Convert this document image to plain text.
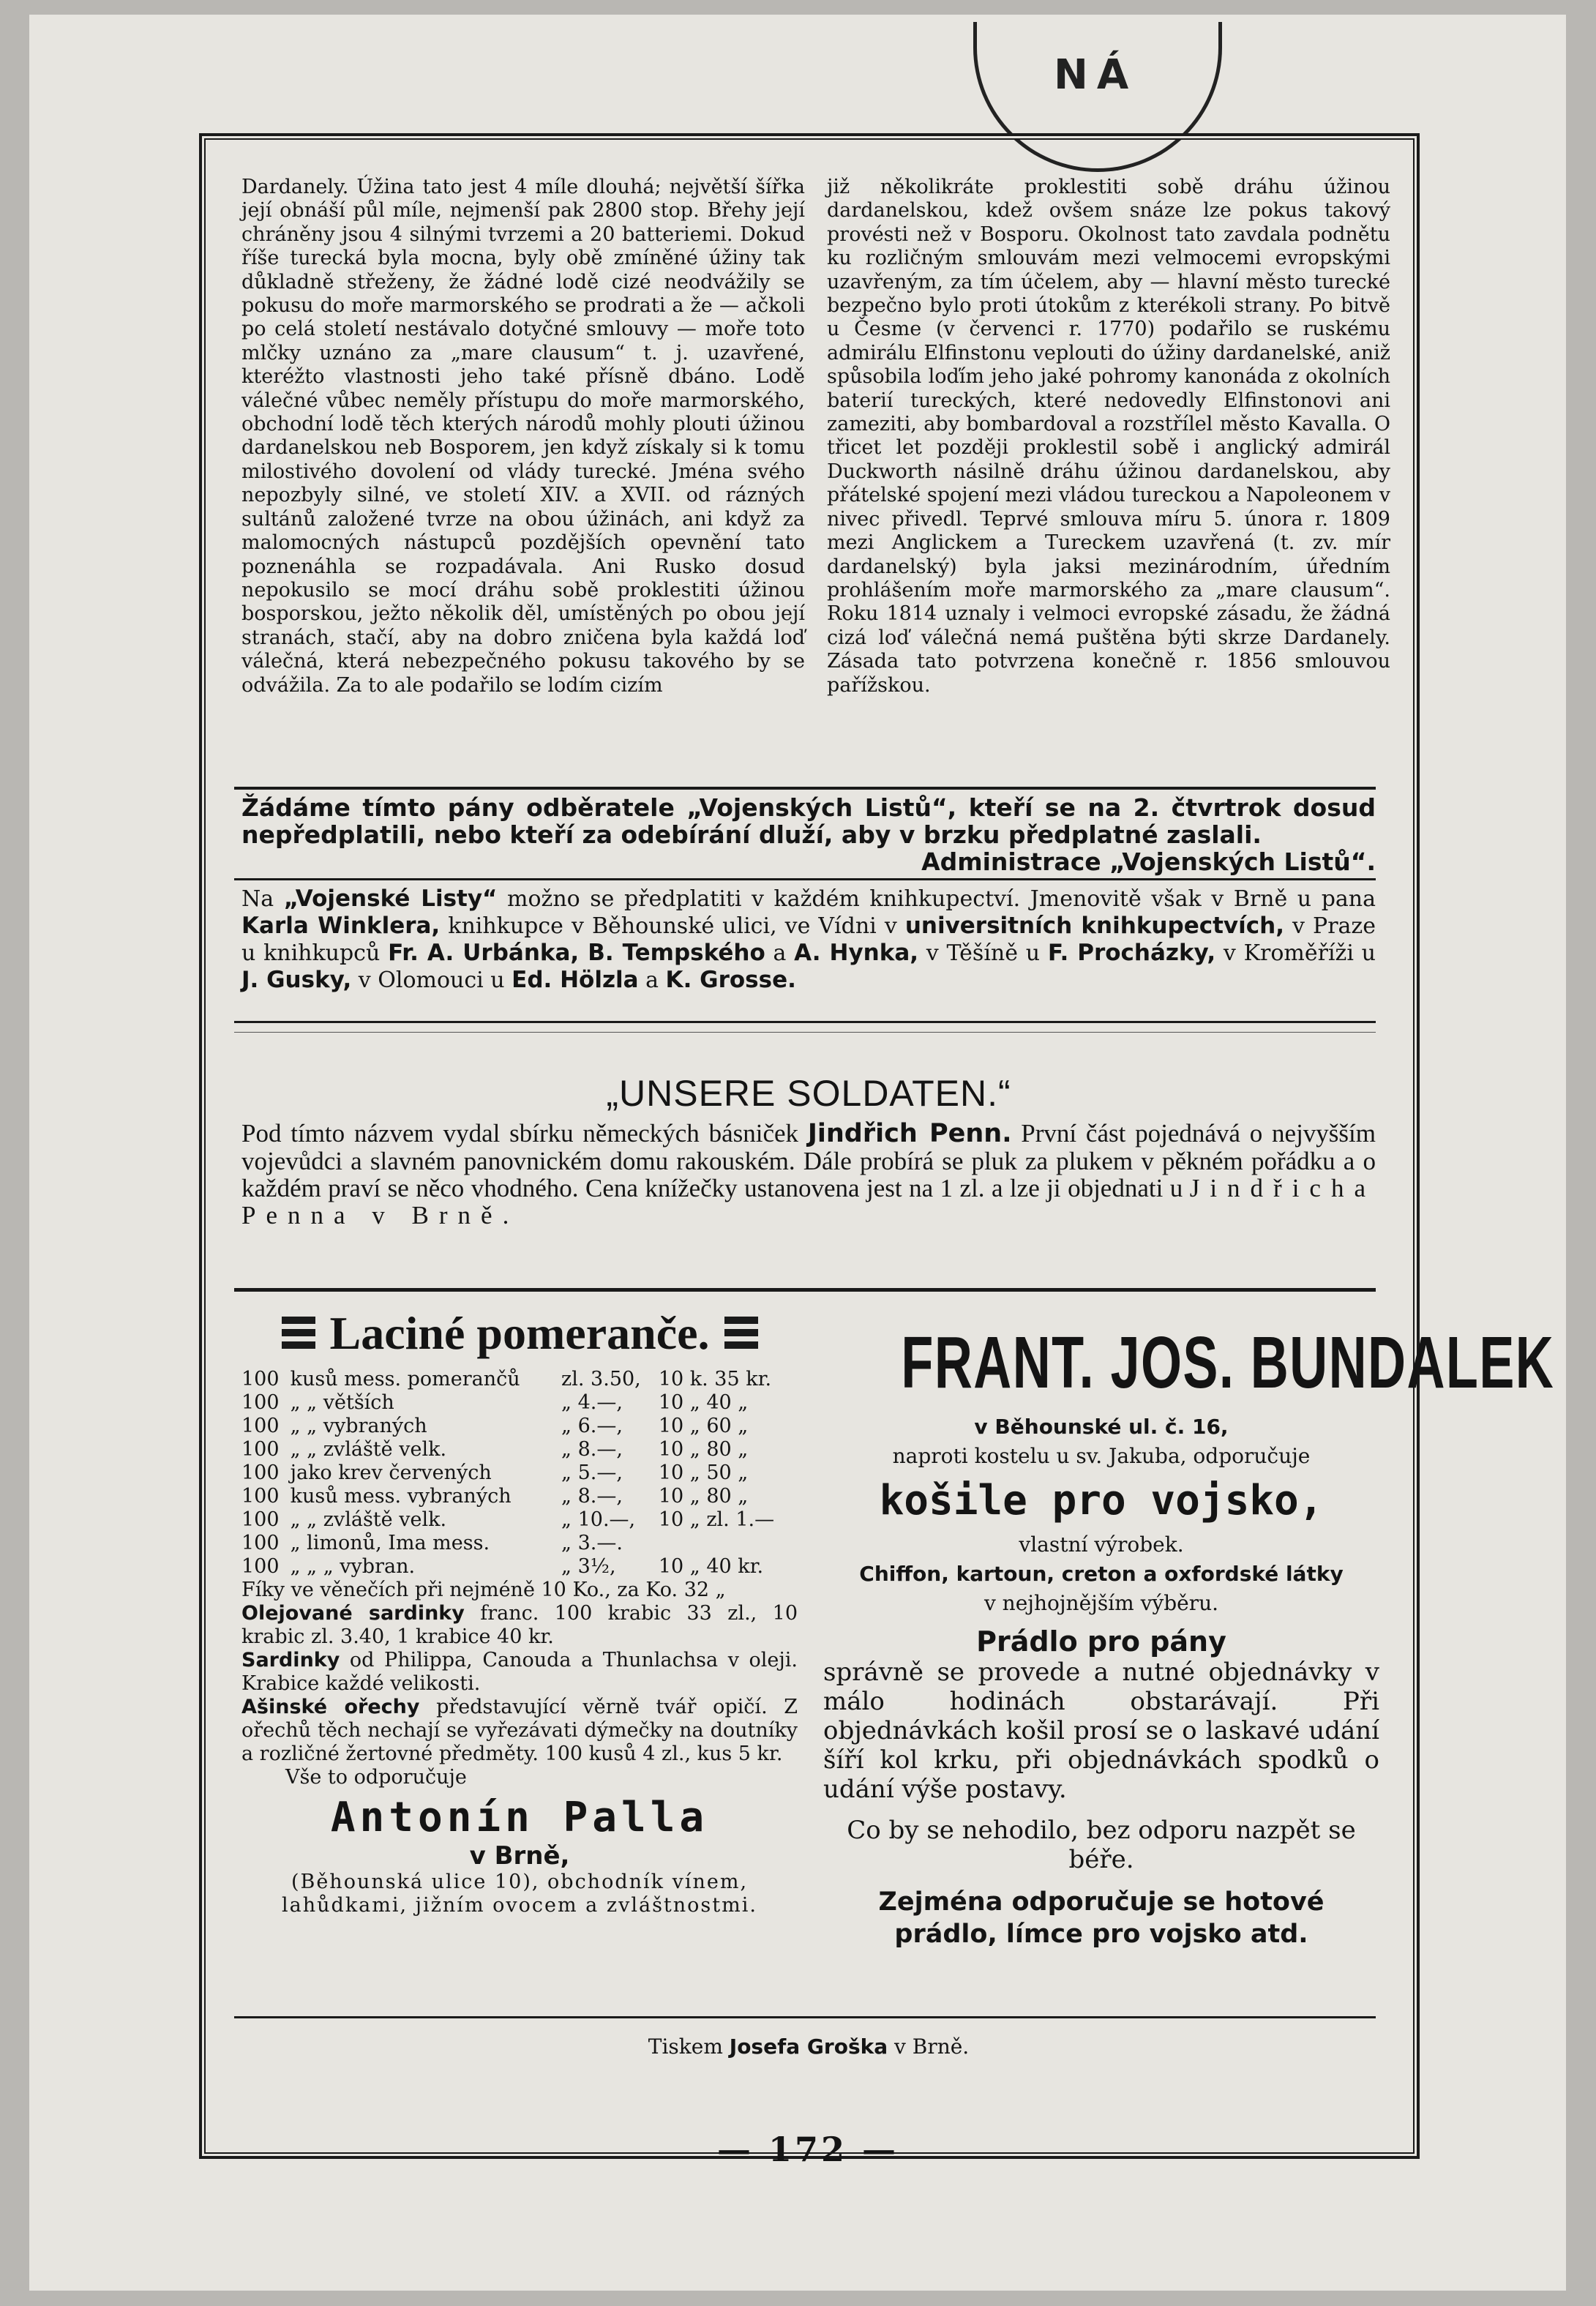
NÁ
Dardanely. Úžina tato jest 4 míle dlouhá; největší šířka její obnáší půl míle, nejmenší pak 2800 stop. Břehy její chráněny jsou 4 silnými tvrzemi a 20 batteriemi. Dokud říše turecká byla mocna, byly obě zmíněné úžiny tak důkladně střeženy, že žádné lodě cizé neodvážily se pokusu do moře marmorského se prodrati a že — ačkoli po celá století nestávalo dotyčné smlouvy — moře toto mlčky uznáno za „mare clausum“ t. j. uzavřené, kteréžto vlastnosti jeho také přísně dbáno. Lodě válečné vůbec neměly přístupu do moře marmorského, obchodní lodě těch kterých národů mohly plouti úžinou dardanelskou neb Bosporem, jen když získaly si k tomu milostivého dovolení od vlády turecké. Jména svého nepozbyly silné, ve století XIV. a XVII. od rázných sultánů založené tvrze na obou úžinách, ani když za malomocných nástupců pozdějších opevnění tato poznenáhla se rozpadávala. Ani Rusko dosud nepokusilo se mocí dráhu sobě proklestiti úžinou bosporskou, ježto několik děl, umístěných po obou její stranách, stačí, aby na dobro zničena byla každá loď válečná, která nebezpečného pokusu takového by se odvážila. Za to ale podařilo se lodím cizím
již několikráte proklestiti sobě dráhu úžinou dardanelskou, kdež ovšem snáze lze pokus takový provésti než v Bosporu. Okolnost tato zavdala podnětu ku rozličným smlouvám mezi velmocemi evropskými uzavřeným, za tím účelem, aby — hlavní město turecké bezpečno bylo proti útokům z kterékoli strany. Po bitvě u Česme (v červenci r. 1770) podařilo se ruskému admirálu Elfinstonu veplouti do úžiny dardanelské, aniž spůsobila loďím jeho jaké pohromy kanonáda z okolních baterií tureckých, které nedovedly Elfinstonovi ani zameziti, aby bombardoval a rozstřílel město Kavalla. O třicet let později proklestil sobě i anglický admirál Duckworth násilně dráhu úžinou dardanelskou, aby přátelské spojení mezi vládou tureckou a Napoleonem v nivec přivedl. Teprvé smlouva míru 5. února r. 1809 mezi Anglickem a Tureckem uzavřená (t. zv. mír dardanelský) byla jaksi mezinárodním, úředním prohlášením moře marmorského za „mare clausum“. Roku 1814 uznaly i velmoci evropské zásadu, že žádná cizá loď válečná nemá puštěna býti skrze Dardanely. Zásada tato potvrzena konečně r. 1856 smlouvou pařížskou.
Žádáme tímto pány odběratele „Vojenských Listů“, kteří se na 2. čtvrtrok dosud nepředplatili, nebo kteří za odebírání dluží, aby v brzku předplatné zaslali.
Administrace „Vojenských Listů“.
Na „Vojenské Listy“ možno se předplatiti v každém knihkupectví. Jmenovitě však v Brně u pana Karla Winklera, knihkupce v Běhounské ulici, ve Vídni v universitních knihkupectvích, v Praze u knihkupců Fr. A. Urbánka, B. Tempského a A. Hynka, v Těšíně u F. Procházky, v Kroměříži u J. Gusky, v Olomouci u Ed. Hölzla a K. Grosse.
„UNSERE SOLDATEN.“
Pod tímto názvem vydal sbírku německých básniček Jindřich Penn. První část pojednává o nejvyšším vojevůdci a slavném panovnickém domu rakouském. Dále probírá se pluk za plukem v pěkném pořádku a o každém praví se něco vhodného. Cena knížečky ustanovena jest na 1 zl. a lze ji objednati u Jindřicha Penna v Brně.
Laciné pomeranče.
100	kusů mess. pomerančů	zl. 3.50,	10 k. 35 kr.
100	„ „ větších	„ 4.—,	10 „ 40 „
100	„ „ vybraných	„ 6.—,	10 „ 60 „
100	„ „ zvláště velk.	„ 8.—,	10 „ 80 „
100	jako krev červených	„ 5.—,	10 „ 50 „
100	kusů mess. vybraných	„ 8.—,	10 „ 80 „
100	„ „ zvláště velk.	„ 10.—,	10 „ zl. 1.—
100	„ limonů, Ima mess.	„ 3.—.	
100	„ „ „ vybran.	„ 3½,	10 „ 40 kr.
Fíky ve věnečích při nejméně 10 Ko., za Ko. 32 „
Olejované sardinky franc. 100 krabic 33 zl., 10 krabic zl. 3.40, 1 krabice 40 kr.
Sardinky od Philippa, Canouda a Thunlachsa v oleji. Krabice každé velikosti.
Ašinské ořechy představující věrně tvář opičí. Z ořechů těch nechají se vyřezávati dýmečky na doutníky a rozličné žertovné předměty. 100 kusů 4 zl., kus 5 kr.
Vše to odporučuje
Antonín Palla
v Brně,
(Běhounská ulice 10), obchodník vínem, lahůdkami, jižním ovocem a zvláštnostmi.
FRANT. JOS. BUNDALEK
v Běhounské ul. č. 16,
naproti kostelu u sv. Jakuba, odporučuje
košile pro vojsko,
vlastní výrobek.
Chiffon, kartoun, creton a oxfordské látky
v nejhojnějším výběru.
Prádlo pro pány
správně se provede a nutné objednávky v málo hodinách obstarávají. Při objednávkách košil prosí se o laskavé udání šíří kol krku, při objednávkách spodků o udání výše postavy.
Co by se nehodilo, bez odporu nazpět se béře.
Zejména odporučuje se hotové prádlo, límce pro vojsko atd.
Tiskem Josefa Groška v Brně.
— 172 —
